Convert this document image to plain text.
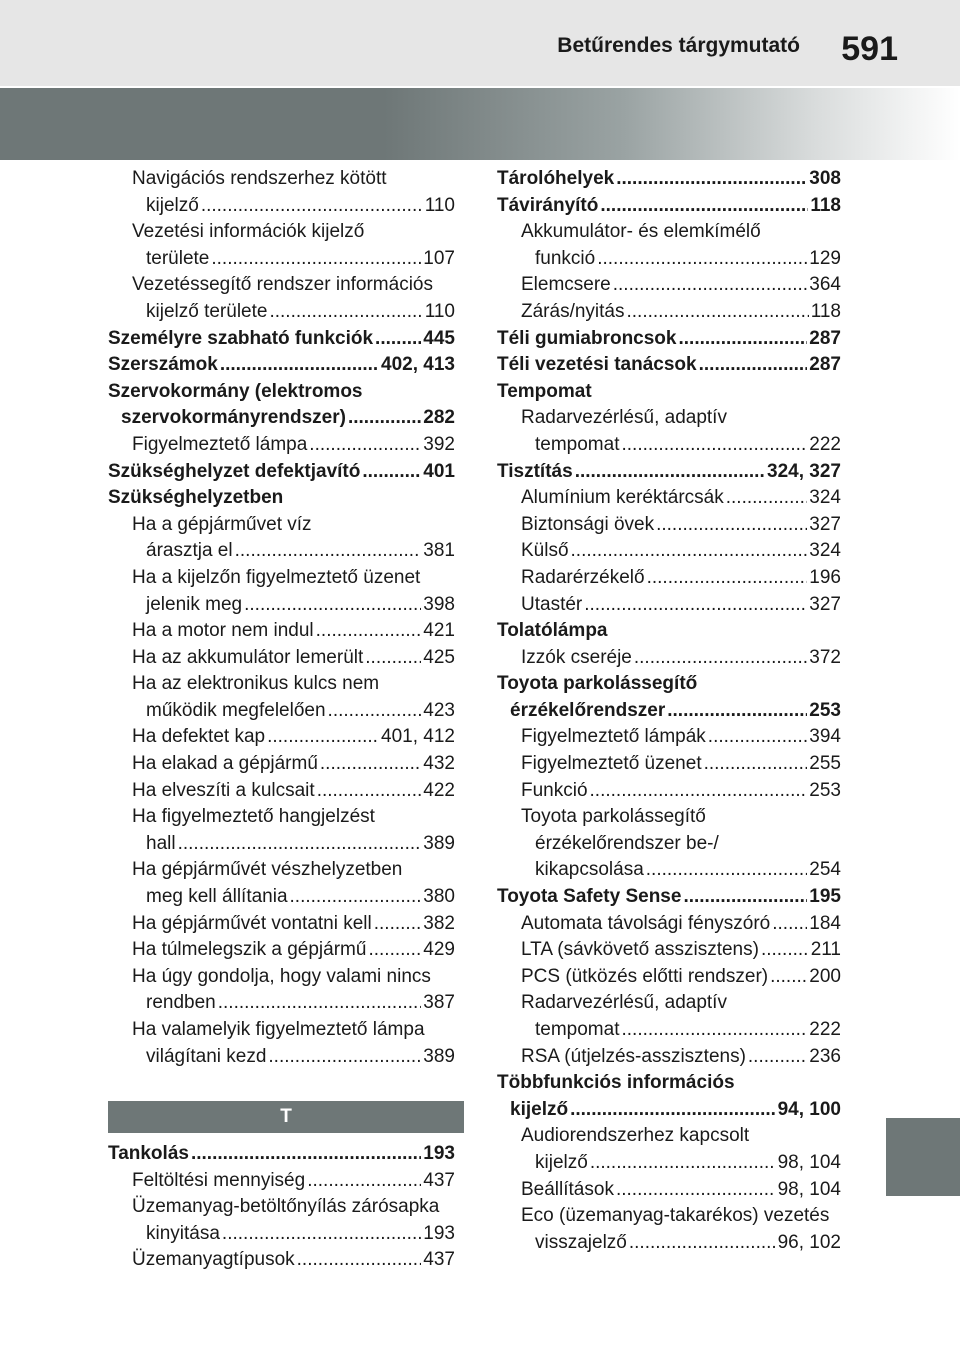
Betűrendes tárgymutató 591
Navigációs rendszerhez kötött
kijelző .....	110
Vezetési információk kijelző
területe .....	107
Vezetéssegítő rendszer információs
kijelző területe .....	110
Személyre szabható funkciók .....	445
Szerszámok .....	402, 413
Szervokormány (elektromos
szervokormányrendszer) .....	282
Figyelmeztető lámpa .....	392
Szükséghelyzet defektjavító .....	401
Szükséghelyzetben
Ha a gépjárművet víz
árasztja el .....	381
Ha a kijelzőn figyelmeztető üzenet
jelenik meg .....	398
Ha a motor nem indul .....	421
Ha az akkumulátor lemerült .....	425
Ha az elektronikus kulcs nem
működik megfelelően .....	423
Ha defektet kap .....	401, 412
Ha elakad a gépjármű .....	432
Ha elveszíti a kulcsait .....	422
Ha figyelmeztető hangjelzést
hall .....	389
Ha gépjárművét vészhelyzetben
meg kell állítania .....	380
Ha gépjárművét vontatni kell .....	382
Ha túlmelegszik a gépjármű .....	429
Ha úgy gondolja, hogy valami nincs
rendben .....	387
Ha valamelyik figyelmeztető lámpa
világítani kezd .....	389
T
Tankolás .....	193
Feltöltési mennyiség .....	437
Üzemanyag-betöltőnyílás zárósapka
kinyitása .....	193
Üzemanyagtípusok .....	437
Tárolóhelyek .....	308
Távirányító .....	118
Akkumulátor- és elemkímélő
funkció .....	129
Elemcsere .....	364
Zárás/nyitás .....	118
Téli gumiabroncsok .....	287
Téli vezetési tanácsok .....	287
Tempomat
Radarvezérlésű, adaptív
tempomat .....	222
Tisztítás .....	324, 327
Alumínium keréktárcsák .....	324
Biztonsági övek .....	327
Külső .....	324
Radarérzékelő .....	196
Utastér .....	327
Tolatólámpa
Izzók cseréje .....	372
Toyota parkolássegítő
érzékelőrendszer .....	253
Figyelmeztető lámpák .....	394
Figyelmeztető üzenet .....	255
Funkció .....	253
Toyota parkolássegítő
érzékelőrendszer be-/
kikapcsolása .....	254
Toyota Safety Sense .....	195
Automata távolsági fényszóró ..... 184
LTA (sávkövető asszisztens) .....	211
PCS (ütközés előtti rendszer) ..... 200
Radarvezérlésű, adaptív
tempomat .....	222
RSA (útjelzés-asszisztens) .....	236
Többfunkciós információs
kijelző .....	94, 100
Audiorendszerhez kapcsolt
kijelző .....	98, 104
Beállítások .....	98, 104
Eco (üzemanyag-takarékos) vezetés
visszajelző .....	96, 102
